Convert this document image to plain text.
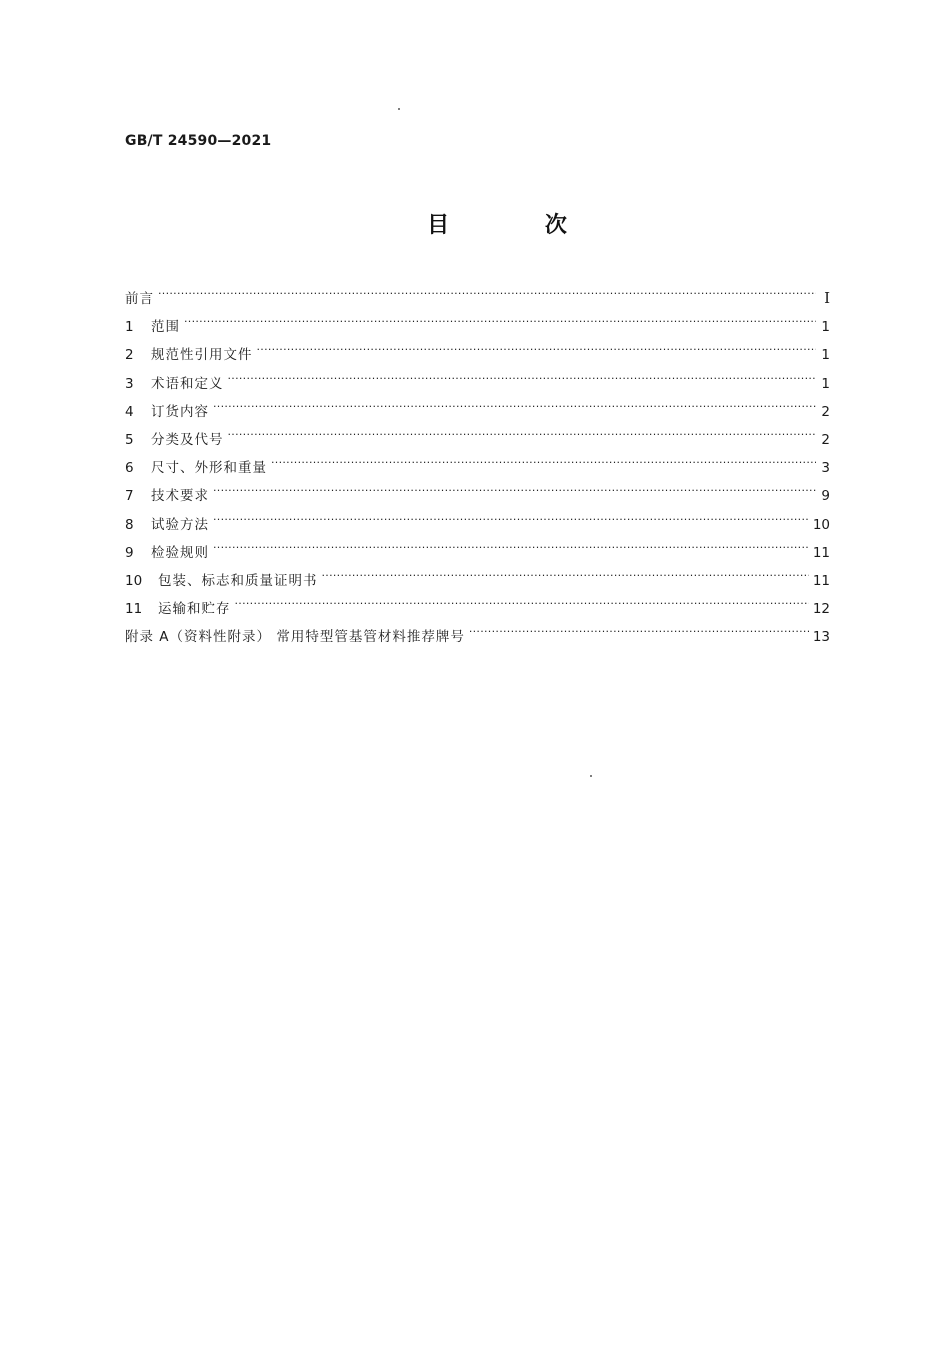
GB/T 24590—2021
目 次
前言 ·····	I
1	范围 ·····	1
2	规范性引用文件 ·····	1
3	术语和定义 ·····	1
4	订货内容 ·····	2
5	分类及代号 ·····	2
6	尺寸、外形和重量 ·····	3
7	技术要求 ·····	9
8	试验方法 ·····	10
9	检验规则 ·····	11
10	包装、标志和质量证明书 ·····	11
11	运输和贮存 ·····	12
附录 A（资料性附录） 常用特型管基管材料推荐牌号 ·····	13
